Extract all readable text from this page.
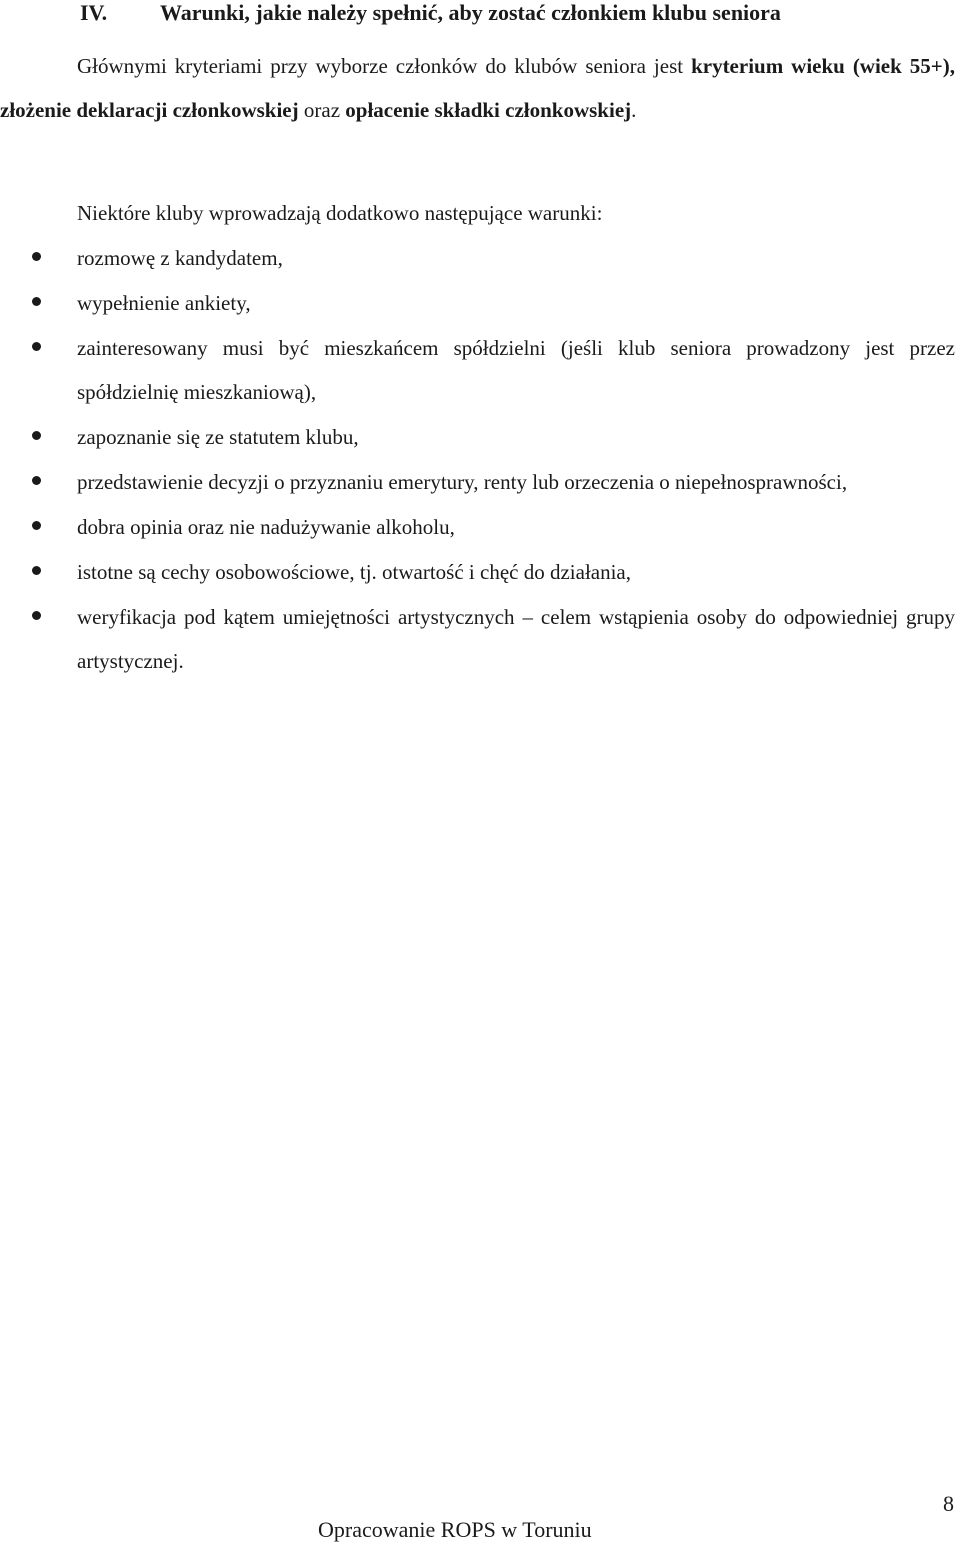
IV. Warunki, jakie należy spełnić, aby zostać członkiem klubu seniora

Głównymi kryteriami przy wyborze członków do klubów seniora jest kryterium wieku (wiek 55+), złożenie deklaracji członkowskiej oraz opłacenie składki członkowskiej.

Niektóre kluby wprowadzają dodatkowo następujące warunki:
rozmowę z kandydatem,
wypełnienie ankiety,
zainteresowany musi być mieszkańcem spółdzielni (jeśli klub seniora prowadzony jest przez spółdzielnię mieszkaniową),
zapoznanie się ze statutem klubu,
przedstawienie decyzji o przyznaniu emerytury, renty lub orzeczenia o niepełnosprawności,
dobra opinia oraz nie nadużywanie alkoholu,
istotne są cechy osobowościowe, tj. otwartość i chęć do działania,
weryfikacja pod kątem umiejętności artystycznych – celem wstąpienia osoby do odpowiedniej grupy artystycznej.
8
Opracowanie ROPS w Toruniu
